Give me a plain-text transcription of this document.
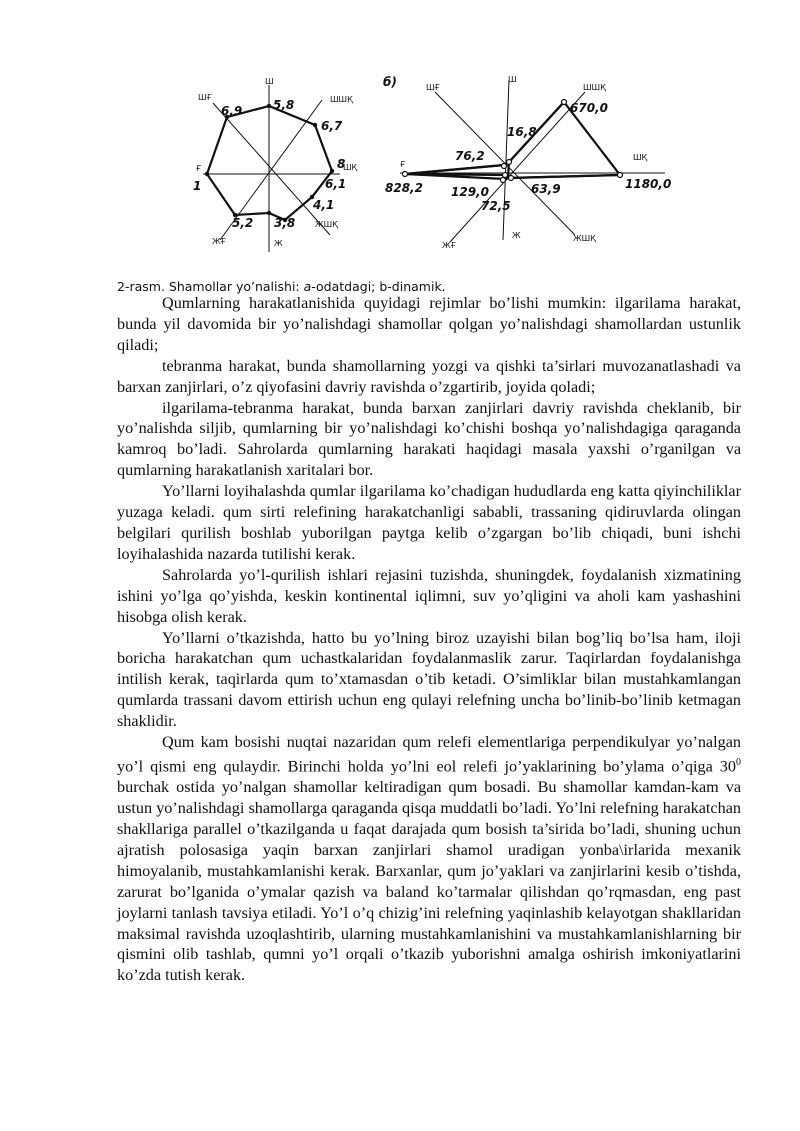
Ш
ШШҚ
ШҚ
ЖШҚ
Ж
ЖҒ
Ғ
ШҒ
5,8
6,7
8
6,1
4,1
3,8
5,2
1
6,9
б)	Ш
ШШҚ
ШҚ
ЖШҚ
Ж
ЖҒ
Ғ
ШҒ
670,0
16,8
76,2
828,2 129,0
72,5
63,9	1180,0
2-rasm. Shamollar yo’nalishi: a-odatdagi; b-dinamik.

Qumlarning harakatlanishida quyidagi rejimlar bo’lishi mumkin: ilgarilama harakat, bunda yil davomida bir yo’nalishdagi shamollar qolgan yo’nalishdagi shamollardan ustunlik qiladi;

tebranma harakat, bunda shamollarning yozgi va qishki ta’sirlari muvozanatlashadi va barxan zanjirlari, o’z qiyofasini davriy ravishda o’zgartirib, joyida qoladi;

ilgarilama-tebranma harakat, bunda barxan zanjirlari davriy ravishda cheklanib, bir yo’nalishda siljib, qumlarning bir yo’nalishdagi ko’chishi boshqa yo’nalishdagiga qaraganda kamroq bo’ladi. Sahrolarda qumlarning harakati haqidagi masala yaxshi o’rganilgan va qumlarning harakatlanish xaritalari bor.

Yo’llarni loyihalashda qumlar ilgarilama ko’chadigan hududlarda eng katta qiyinchiliklar yuzaga keladi. qum sirti relefining harakatchanligi sababli, trassaning qidiruvlarda olingan belgilari qurilish boshlab yuborilgan paytga kelib o’zgargan bo’lib chiqadi, buni ishchi loyihalashida nazarda tutilishi kerak.

Sahrolarda yo’l-qurilish ishlari rejasini tuzishda, shuningdek, foydalanish xizmatining ishini yo’lga qo’yishda, keskin kontinental iqlimni, suv yo’qligini va aholi kam yashashini hisobga olish kerak.

Yo’llarni o’tkazishda, hatto bu yo’lning biroz uzayishi bilan bog’liq bo’lsa ham, iloji boricha harakatchan qum uchastkalaridan foydalanmaslik zarur. Taqirlardan foydalanishga intilish kerak, taqirlarda qum to’xtamasdan o’tib ketadi. O’simliklar bilan mustahkamlangan qumlarda trassani davom ettirish uchun eng qulayi relefning uncha bo’linib-bo’linib ketmagan shaklidir.

Qum kam bosishi nuqtai nazaridan qum relefi elementlariga perpendikulyar yo’nalgan yo’l qismi eng qulaydir. Birinchi holda yo’lni eol relefi jo’yaklarining bo’ylama o’qiga $30^0$ burchak ostida yo’nalgan shamollar keltiradigan qum bosadi. Bu shamollar kamdan-kam va ustun yo’nalishdagi shamollarga qaraganda qisqa muddatli bo’ladi. Yo’lni relefning harakatchan shakllariga parallel o’tkazilganda u faqat darajada qum bosish ta’sirida bo’ladi, shuning uchun ajratish polosasiga yaqin barxan zanjirlari shamol uradigan yonba\irlarida mexanik himoyalanib, mustahkamlanishi kerak. Barxanlar, qum jo’yaklari va zanjirlarini kesib o’tishda, zarurat bo’lganida o’ymalar qazish va baland ko’tarmalar qilishdan qo’rqmasdan, eng past joylarni tanlash tavsiya etiladi. Yo’l o’q chizig’ini relefning yaqinlashib kelayotgan shakllaridan maksimal ravishda uzoqlashtirib, ularning mustahkamlanishini va mustahkamlanishlarning bir qismini olib tashlab, qumni yo’l orqali o’tkazib yuborishni amalga oshirish imkoniyatlarini ko’zda tutish kerak.
